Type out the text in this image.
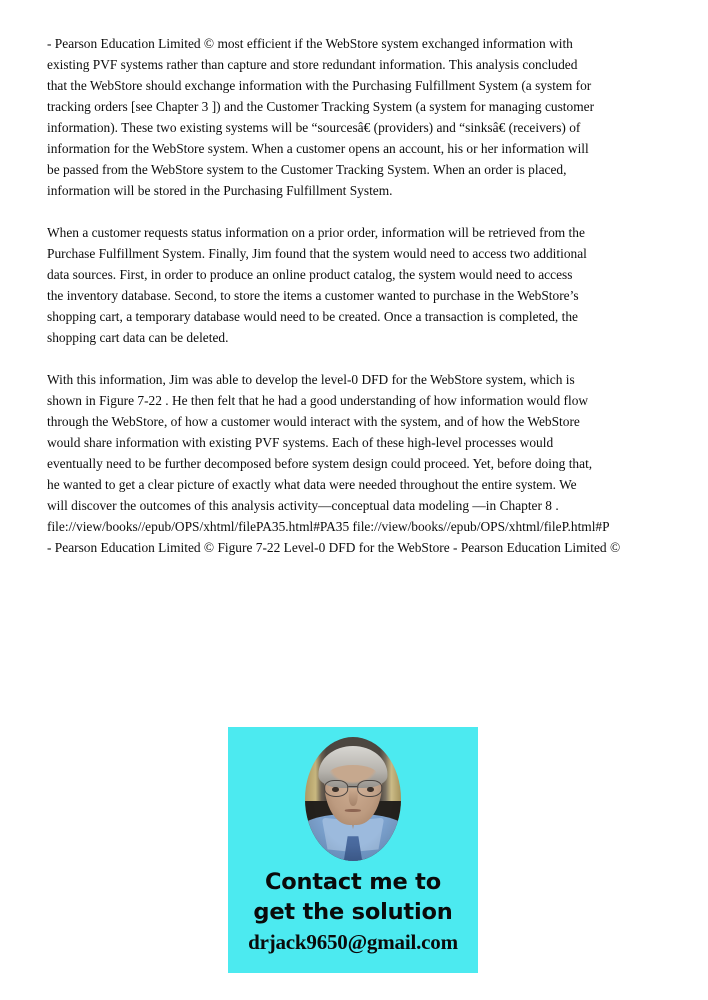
- Pearson Education Limited © most efficient if the WebStore system exchanged information with
existing PVF systems rather than capture and store redundant information. This analysis concluded
that the WebStore should exchange information with the Purchasing Fulfillment System (a system for
tracking orders [see Chapter 3 ]) and the Customer Tracking System (a system for managing customer
information). These two existing systems will be “sourcesâ€ (providers) and “sinksâ€ (receivers) of
information for the WebStore system. When a customer opens an account, his or her information will
be passed from the WebStore system to the Customer Tracking System. When an order is placed,
information will be stored in the Purchasing Fulfillment System.

When a customer requests status information on a prior order, information will be retrieved from the
Purchase Fulfillment System. Finally, Jim found that the system would need to access two additional
data sources. First, in order to produce an online product catalog, the system would need to access
the inventory database. Second, to store the items a customer wanted to purchase in the WebStore’s
shopping cart, a temporary database would need to be created. Once a transaction is completed, the
shopping cart data can be deleted.

With this information, Jim was able to develop the level-0 DFD for the WebStore system, which is
shown in Figure 7-22 . He then felt that he had a good understanding of how information would flow
through the WebStore, of how a customer would interact with the system, and of how the WebStore
would share information with existing PVF systems. Each of these high-level processes would
eventually need to be further decomposed before system design could proceed. Yet, before doing that,
he wanted to get a clear picture of exactly what data were needed throughout the entire system. We
will discover the outcomes of this analysis activity—conceptual data modeling —in Chapter 8 .
file://view/books//epub/OPS/xhtml/filePA35.html#PA35 file://view/books//epub/OPS/xhtml/fileP.html#P
- Pearson Education Limited © Figure 7-22 Level-0 DFD for the WebStore - Pearson Education Limited ©

Contact me to
get the solution
drjack9650@gmail.com
